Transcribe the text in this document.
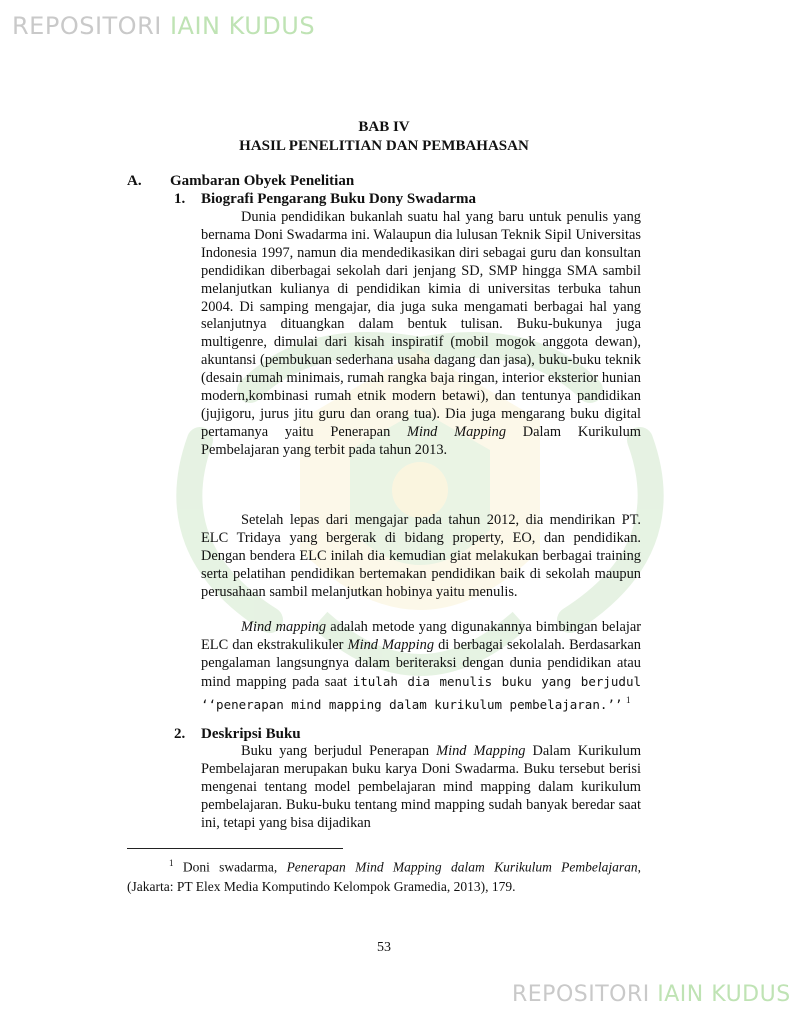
REPOSITORI IAIN KUDUS
BAB IV
HASIL PENELITIAN DAN PEMBAHASAN
A. Gambaran Obyek Penelitian
1. Biografi Pengarang Buku Dony Swadarma

Dunia pendidikan bukanlah suatu hal yang baru untuk penulis yang bernama Doni Swadarma ini. Walaupun dia lulusan Teknik Sipil Universitas Indonesia 1997, namun dia mendedikasikan diri sebagai guru dan konsultan pendidikan diberbagai sekolah dari jenjang SD, SMP hingga SMA sambil melanjutkan kulianya di pendidikan kimia di universitas terbuka tahun 2004. Di samping mengajar, dia juga suka mengamati berbagai hal yang selanjutnya dituangkan dalam bentuk tulisan. Buku-bukunya juga multigenre, dimulai dari kisah inspiratif (mobil mogok anggota dewan), akuntansi (pembukuan sederhana usaha dagang dan jasa), buku-buku teknik (desain rumah minimais, rumah rangka baja ringan, interior eksterior hunian modern,kombinasi rumah etnik modern betawi), dan tentunya pandidikan (jujigoru, jurus jitu guru dan orang tua). Dia juga mengarang buku digital pertamanya yaitu Penerapan Mind Mapping Dalam Kurikulum Pembelajaran yang terbit pada tahun 2013.

Setelah lepas dari mengajar pada tahun 2012, dia mendirikan PT. ELC Tridaya yang bergerak di bidang property, EO, dan pendidikan. Dengan bendera ELC inilah dia kemudian giat melakukan berbagai training serta pelatihan pendidikan bertemakan pendidikan baik di sekolah maupun perusahaan sambil melanjutkan hobinya yaitu menulis.

Mind mapping adalah metode yang digunakannya bimbingan belajar ELC dan ekstrakulikuler Mind Mapping di berbagai sekolalah. Berdasarkan pengalaman langsungnya dalam beriteraksi dengan dunia pendidikan atau mind mapping pada saat itulah dia menulis buku yang berjudul ‘‘penerapan mind mapping dalam kurikulum pembelajaran.’’ $^1$

2. Deskripsi Buku

Buku yang berjudul Penerapan Mind Mapping Dalam Kurikulum Pembelajaran merupakan buku karya Doni Swadarma. Buku tersebut berisi mengenai tentang model pembelajaran mind mapping dalam kurikulum pembelajaran. Buku-buku tentang mind mapping sudah banyak beredar saat ini, tetapi yang bisa dijadikan

$^1$ Doni swadarma, Penerapan Mind Mapping dalam Kurikulum Pembelajaran, (Jakarta: PT Elex Media Komputindo Kelompok Gramedia, 2013), 179.

53
REPOSITORI IAIN KUDUS
